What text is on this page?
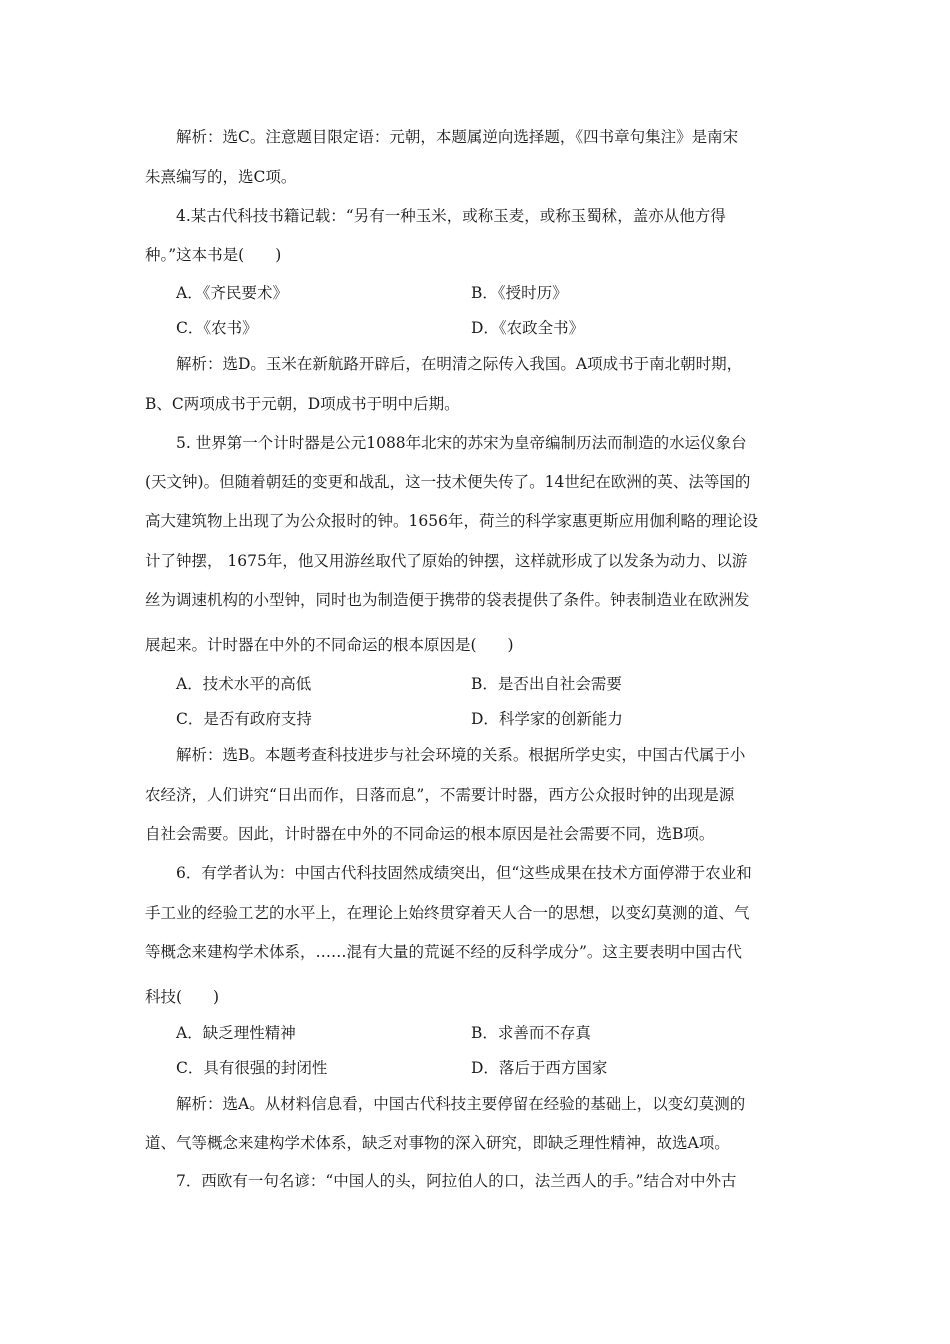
解析：选C。注意题目限定语：元朝，本题属逆向选择题，《四书章句集注》是南宋
朱熹编写的，选C项。
4.某古代科技书籍记载：“另有一种玉米，或称玉麦，或称玉蜀秫，盖亦从他方得
种。”这本书是(　　)
A．《齐民要术》	B．《授时历》
C．《农书》	D．《农政全书》
解析：选D。玉米在新航路开辟后，在明清之际传入我国。A项成书于南北朝时期，
B、C两项成书于元朝，D项成书于明中后期。
5. 世界第一个计时器是公元1088年北宋的苏宋为皇帝编制历法而制造的水运仪象台
(天文钟)。但随着朝廷的变更和战乱，这一技术便失传了。14世纪在欧洲的英、法等国的
高大建筑物上出现了为公众报时的钟。1656年，荷兰的科学家惠更斯应用伽利略的理论设
计了钟摆， 1675年，他又用游丝取代了原始的钟摆，这样就形成了以发条为动力、以游
丝为调速机构的小型钟，同时也为制造便于携带的袋表提供了条件。钟表制造业在欧洲发
展起来。计时器在中外的不同命运的根本原因是(　　)
A．技术水平的高低	B．是否出自社会需要
C．是否有政府支持	D．科学家的创新能力
解析：选B。本题考查科技进步与社会环境的关系。根据所学史实，中国古代属于小
农经济，人们讲究“日出而作，日落而息”，不需要计时器，西方公众报时钟的出现是源
自社会需要。因此，计时器在中外的不同命运的根本原因是社会需要不同，选B项。
6．有学者认为：中国古代科技固然成绩突出，但“这些成果在技术方面停滞于农业和
手工业的经验工艺的水平上，在理论上始终贯穿着天人合一的思想，以变幻莫测的道、气
等概念来建构学术体系，……混有大量的荒诞不经的反科学成分”。这主要表明中国古代
科技(　　)
A．缺乏理性精神	B．求善而不存真
C．具有很强的封闭性	D．落后于西方国家
解析：选A。从材料信息看，中国古代科技主要停留在经验的基础上，以变幻莫测的
道、气等概念来建构学术体系，缺乏对事物的深入研究，即缺乏理性精神，故选A项。
7．西欧有一句名谚：“中国人的头，阿拉伯人的口，法兰西人的手。”结合对中外古
